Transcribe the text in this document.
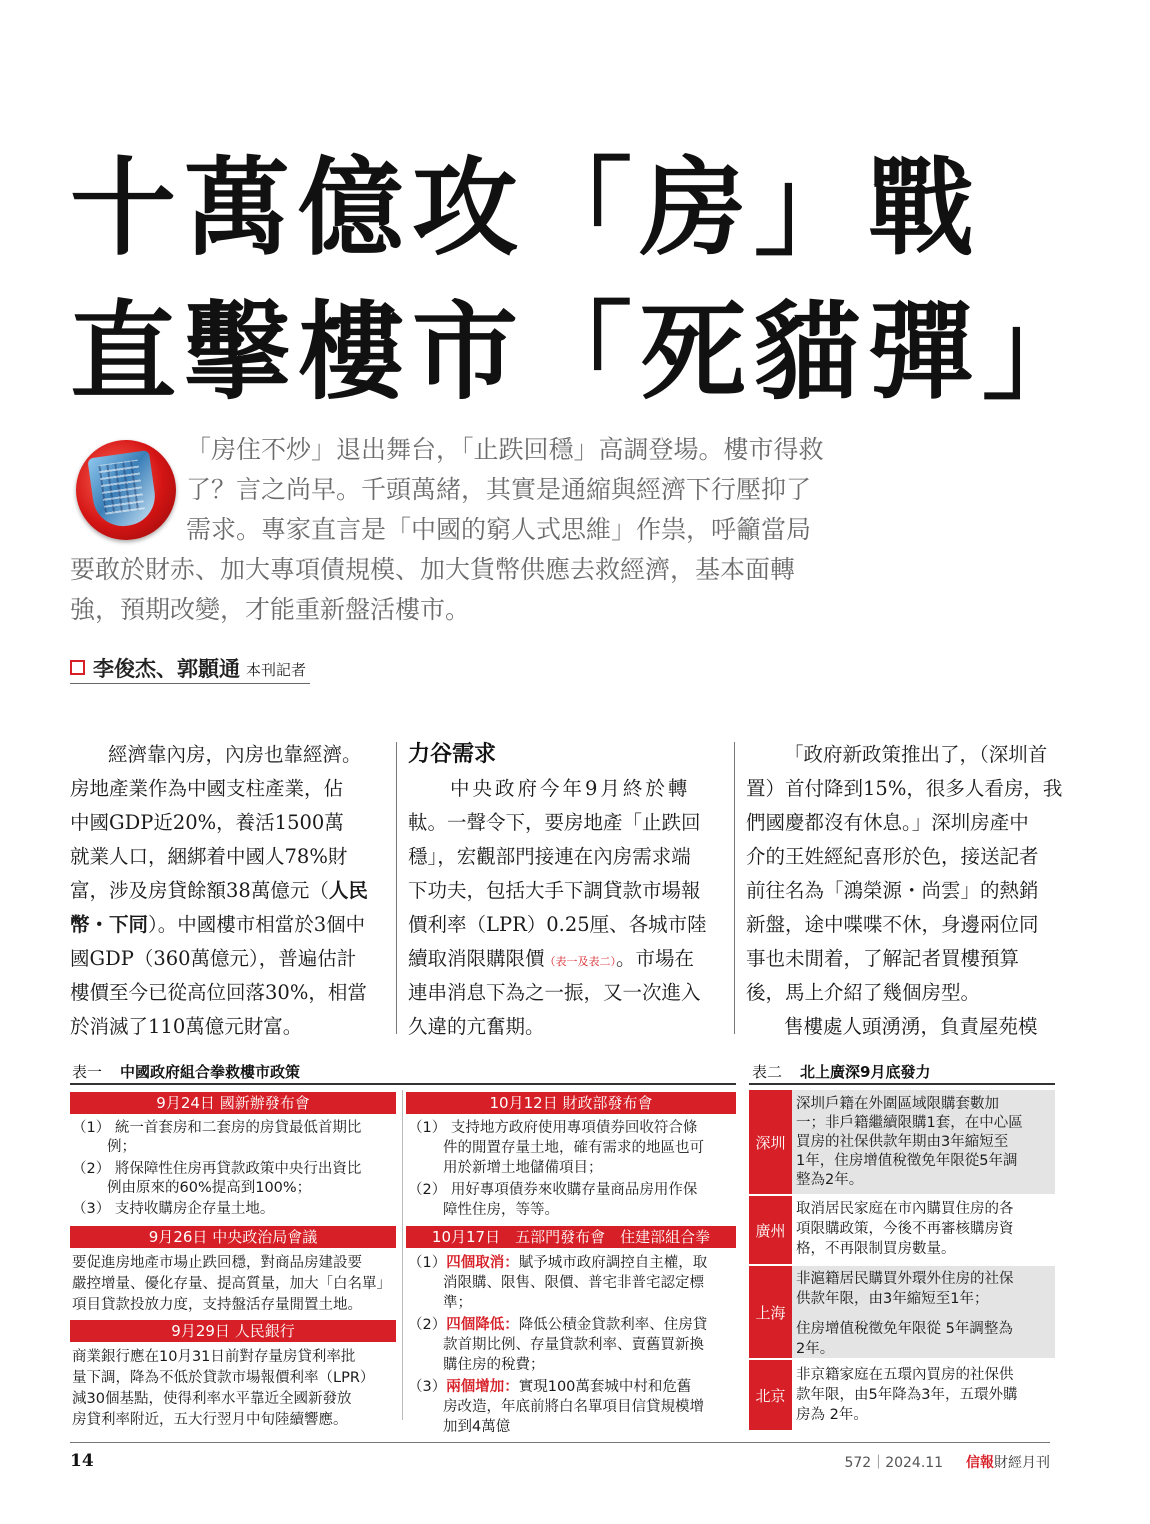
十萬億攻「房」戰
直擊樓市「死貓彈」
「房住不炒」退出舞台，「止跌回穩」高調登場。樓市得救
了？言之尚早。千頭萬緒，其實是通縮與經濟下行壓抑了
需求。專家直言是「中國的窮人式思維」作祟，呼籲當局
要敢於財赤、加大專項債規模、加大貨幣供應去救經濟，基本面轉
強，預期改變，才能重新盤活樓市。
李俊杰、郭顥通 本刊記者
經濟靠內房，內房也靠經濟。
房地產業作為中國支柱產業，佔
中國GDP近20%，養活1500萬
就業人口，綑綁着中國人78%財
富，涉及房貸餘額38萬億元（人民
幣・下同）。中國樓市相當於3個中
國GDP（360萬億元），普遍估計
樓價至今已從高位回落30%，相當
於消滅了110萬億元財富。
力谷需求
中央政府今年9月終於轉
軚。一聲令下，要房地產「止跌回
穩」，宏觀部門接連在內房需求端
下功夫，包括大手下調貸款市場報
價利率（LPR）0.25厘、各城市陸
續取消限購限價（表一及表二）。市場在
連串消息下為之一振，又一次進入
久違的亢奮期。
「政府新政策推出了，（深圳首
置）首付降到15%，很多人看房，我
們國慶都沒有休息。」深圳房產中
介的王姓經紀喜形於色，接送記者
前往名為「鴻榮源・尚雲」的熱銷
新盤，途中喋喋不休，身邊兩位同
事也未閒着，了解記者買樓預算
後，馬上介紹了幾個房型。
售樓處人頭湧湧，負責屋苑模
表一 中國政府組合拳救樓市政策
9月24日 國新辦發布會
（1） 統一首套房和二套房的房貸最低首期比
例；
（2） 將保障性住房再貸款政策中央行出資比
例由原來的60%提高到100%；
（3） 支持收購房企存量土地。
9月26日 中央政治局會議
要促進房地產市場止跌回穩，對商品房建設要
嚴控增量、優化存量、提高質量，加大「白名單」
項目貸款投放力度，支持盤活存量閒置土地。
9月29日 人民銀行
商業銀行應在10月31日前對存量房貸利率批
量下調，降為不低於貸款市場報價利率（LPR）
減30個基點，使得利率水平靠近全國新發放
房貸利率附近，五大行翌月中旬陸續響應。
10月12日 財政部發布會
（1） 支持地方政府使用專項債券回收符合條
件的閒置存量土地，確有需求的地區也可
用於新增土地儲備項目；
（2） 用好專項債券來收購存量商品房用作保
障性住房，等等。
10月17日　五部門發布會　住建部組合拳
（1）四個取消：賦予城市政府調控自主權，取
消限購、限售、限價、普宅非普宅認定標
準；
（2）四個降低：降低公積金貸款利率、住房貸
款首期比例、存量貸款利率、賣舊買新換
購住房的稅費；
（3）兩個增加：實現100萬套城中村和危舊
房改造，年底前將白名單項目信貸規模增
加到4萬億
表二 北上廣深9月底發力
深圳
深圳戶籍在外圍區域限購套數加
一；非戶籍繼續限購1套，在中心區
買房的社保供款年期由3年縮短至
1年，住房增值稅徵免年限從5年調
整為2年。
廣州
取消居民家庭在市內購買住房的各
項限購政策，今後不再審核購房資
格，不再限制買房數量。
上海
非滬籍居民購買外環外住房的社保
供款年限，由3年縮短至1年；
住房增值稅徵免年限從 5年調整為
2年。
北京
非京籍家庭在五環內買房的社保供
款年限，由5年降為3年，五環外購
房為 2年。
14	572｜2024.11 信報財經月刊
